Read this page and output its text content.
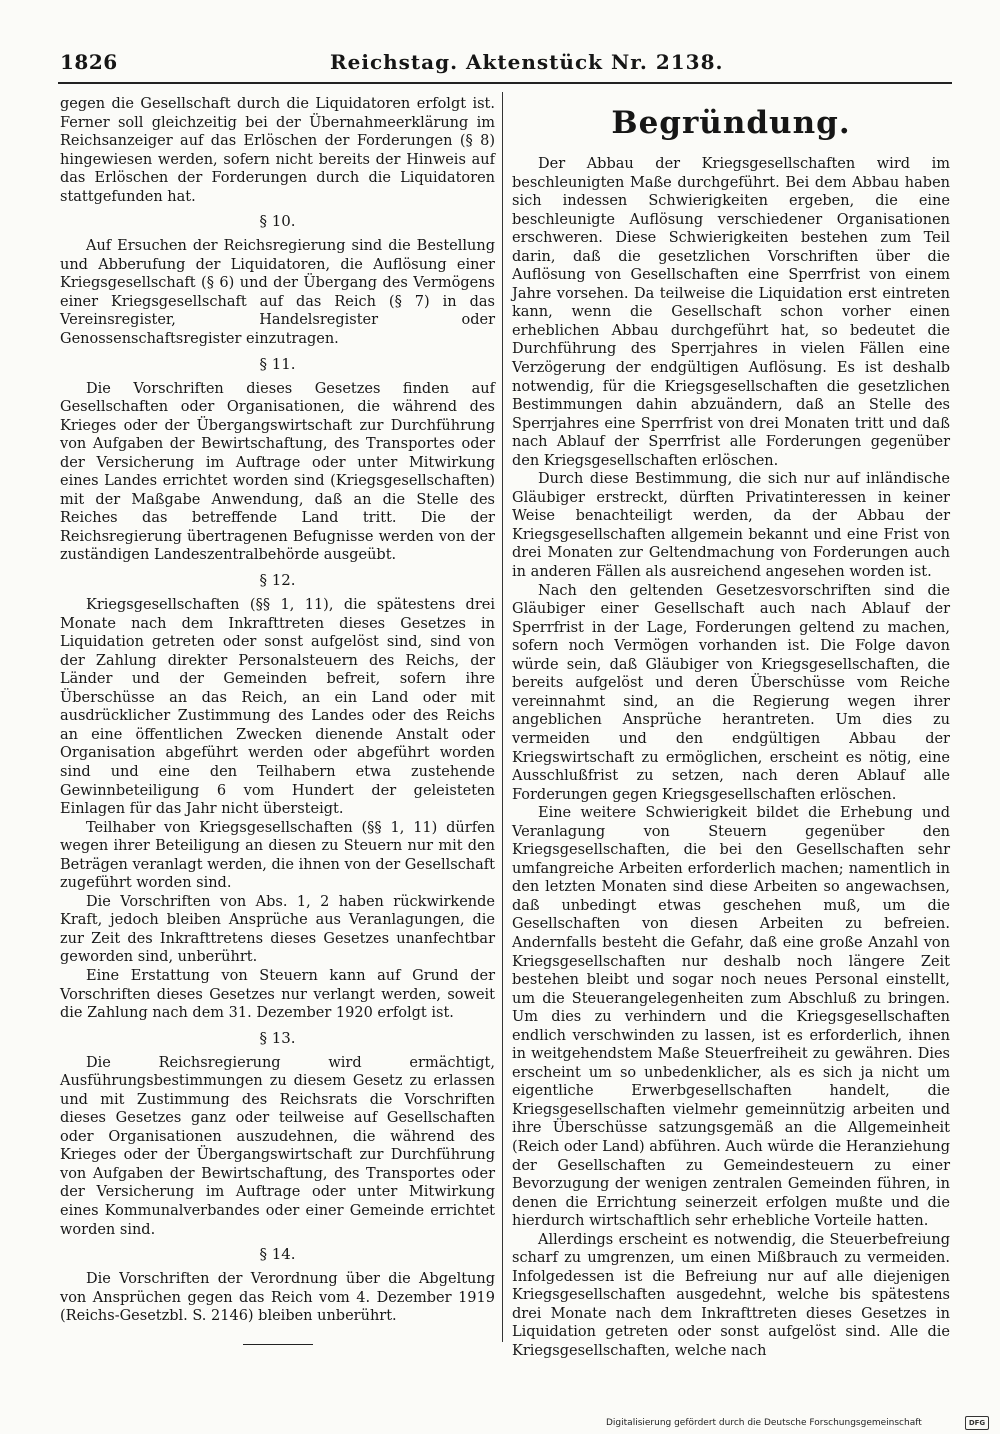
1826	Reichstag. Aktenstück Nr. 2138.

gegen die Gesellschaft durch die Liquidatoren erfolgt ist. Ferner soll gleichzeitig bei der Übernahmeerklärung im Reichsanzeiger auf das Erlöschen der Forderungen (§ 8) hingewiesen werden, sofern nicht bereits der Hinweis auf das Erlöschen der Forderungen durch die Liquidatoren stattgefunden hat.

§ 10.

Auf Ersuchen der Reichsregierung sind die Bestellung und Abberufung der Liquidatoren, die Auflösung einer Kriegsgesellschaft (§ 6) und der Übergang des Vermögens einer Kriegsgesellschaft auf das Reich (§ 7) in das Vereinsregister, Handelsregister oder Genossenschaftsregister einzutragen.

§ 11.

Die Vorschriften dieses Gesetzes finden auf Gesellschaften oder Organisationen, die während des Krieges oder der Übergangswirtschaft zur Durchführung von Aufgaben der Bewirtschaftung, des Transportes oder der Versicherung im Auftrage oder unter Mitwirkung eines Landes errichtet worden sind (Kriegsgesellschaften) mit der Maßgabe Anwendung, daß an die Stelle des Reiches das betreffende Land tritt. Die der Reichsregierung übertragenen Befugnisse werden von der zuständigen Landeszentralbehörde ausgeübt.

§ 12.

Kriegsgesellschaften (§§ 1, 11), die spätestens drei Monate nach dem Inkrafttreten dieses Gesetzes in Liquidation getreten oder sonst aufgelöst sind, sind von der Zahlung direkter Personalsteuern des Reichs, der Länder und der Gemeinden befreit, sofern ihre Überschüsse an das Reich, an ein Land oder mit ausdrücklicher Zustimmung des Landes oder des Reichs an eine öffentlichen Zwecken dienende Anstalt oder Organisation abgeführt werden oder abgeführt worden sind und eine den Teilhabern etwa zustehende Gewinnbeteiligung 6 vom Hundert der geleisteten Einlagen für das Jahr nicht übersteigt.

Teilhaber von Kriegsgesellschaften (§§ 1, 11) dürfen wegen ihrer Beteiligung an diesen zu Steuern nur mit den Beträgen veranlagt werden, die ihnen von der Gesellschaft zugeführt worden sind.

Die Vorschriften von Abs. 1, 2 haben rückwirkende Kraft, jedoch bleiben Ansprüche aus Veranlagungen, die zur Zeit des Inkrafttretens dieses Gesetzes unanfechtbar geworden sind, unberührt.

Eine Erstattung von Steuern kann auf Grund der Vorschriften dieses Gesetzes nur verlangt werden, soweit die Zahlung nach dem 31. Dezember 1920 erfolgt ist.

§ 13.

Die Reichsregierung wird ermächtigt, Ausführungsbestimmungen zu diesem Gesetz zu erlassen und mit Zustimmung des Reichsrats die Vorschriften dieses Gesetzes ganz oder teilweise auf Gesellschaften oder Organisationen auszudehnen, die während des Krieges oder der Übergangswirtschaft zur Durchführung von Aufgaben der Bewirtschaftung, des Transportes oder der Versicherung im Auftrage oder unter Mitwirkung eines Kommunalverbandes oder einer Gemeinde errichtet worden sind.

§ 14.

Die Vorschriften der Verordnung über die Abgeltung von Ansprüchen gegen das Reich vom 4. Dezember 1919 (Reichs-Gesetzbl. S. 2146) bleiben unberührt.

Begründung.

Der Abbau der Kriegsgesellschaften wird im beschleunigten Maße durchgeführt. Bei dem Abbau haben sich indessen Schwierigkeiten ergeben, die eine beschleunigte Auflösung verschiedener Organisationen erschweren. Diese Schwierigkeiten bestehen zum Teil darin, daß die gesetzlichen Vorschriften über die Auflösung von Gesellschaften eine Sperrfrist von einem Jahre vorsehen. Da teilweise die Liquidation erst eintreten kann, wenn die Gesellschaft schon vorher einen erheblichen Abbau durchgeführt hat, so bedeutet die Durchführung des Sperrjahres in vielen Fällen eine Verzögerung der endgültigen Auflösung. Es ist deshalb notwendig, für die Kriegsgesellschaften die gesetzlichen Bestimmungen dahin abzuändern, daß an Stelle des Sperrjahres eine Sperrfrist von drei Monaten tritt und daß nach Ablauf der Sperrfrist alle Forderungen gegenüber den Kriegsgesellschaften erlöschen.

Durch diese Bestimmung, die sich nur auf inländische Gläubiger erstreckt, dürften Privatinteressen in keiner Weise benachteiligt werden, da der Abbau der Kriegsgesellschaften allgemein bekannt und eine Frist von drei Monaten zur Geltendmachung von Forderungen auch in anderen Fällen als ausreichend angesehen worden ist.

Nach den geltenden Gesetzesvorschriften sind die Gläubiger einer Gesellschaft auch nach Ablauf der Sperrfrist in der Lage, Forderungen geltend zu machen, sofern noch Vermögen vorhanden ist. Die Folge davon würde sein, daß Gläubiger von Kriegsgesellschaften, die bereits aufgelöst und deren Überschüsse vom Reiche vereinnahmt sind, an die Regierung wegen ihrer angeblichen Ansprüche herantreten. Um dies zu vermeiden und den endgültigen Abbau der Kriegswirtschaft zu ermöglichen, erscheint es nötig, eine Ausschlußfrist zu setzen, nach deren Ablauf alle Forderungen gegen Kriegsgesellschaften erlöschen.

Eine weitere Schwierigkeit bildet die Erhebung und Veranlagung von Steuern gegenüber den Kriegsgesellschaften, die bei den Gesellschaften sehr umfangreiche Arbeiten erforderlich machen; namentlich in den letzten Monaten sind diese Arbeiten so angewachsen, daß unbedingt etwas geschehen muß, um die Gesellschaften von diesen Arbeiten zu befreien. Andernfalls besteht die Gefahr, daß eine große Anzahl von Kriegsgesellschaften nur deshalb noch längere Zeit bestehen bleibt und sogar noch neues Personal einstellt, um die Steuerangelegenheiten zum Abschluß zu bringen. Um dies zu verhindern und die Kriegsgesellschaften endlich verschwinden zu lassen, ist es erforderlich, ihnen in weitgehendstem Maße Steuerfreiheit zu gewähren. Dies erscheint um so unbedenklicher, als es sich ja nicht um eigentliche Erwerbgesellschaften handelt, die Kriegsgesellschaften vielmehr gemeinnützig arbeiten und ihre Überschüsse satzungsgemäß an die Allgemeinheit (Reich oder Land) abführen. Auch würde die Heranziehung der Gesellschaften zu Gemeindesteuern zu einer Bevorzugung der wenigen zentralen Gemeinden führen, in denen die Errichtung seinerzeit erfolgen mußte und die hierdurch wirtschaftlich sehr erhebliche Vorteile hatten.

Allerdings erscheint es notwendig, die Steuerbefreiung scharf zu umgrenzen, um einen Mißbrauch zu vermeiden. Infolgedessen ist die Befreiung nur auf alle diejenigen Kriegsgesellschaften ausgedehnt, welche bis spätestens drei Monate nach dem Inkrafttreten dieses Gesetzes in Liquidation getreten oder sonst aufgelöst sind. Alle die Kriegsgesellschaften, welche nach

Digitalisierung gefördert durch die Deutsche Forschungsgemeinschaft	DFG
